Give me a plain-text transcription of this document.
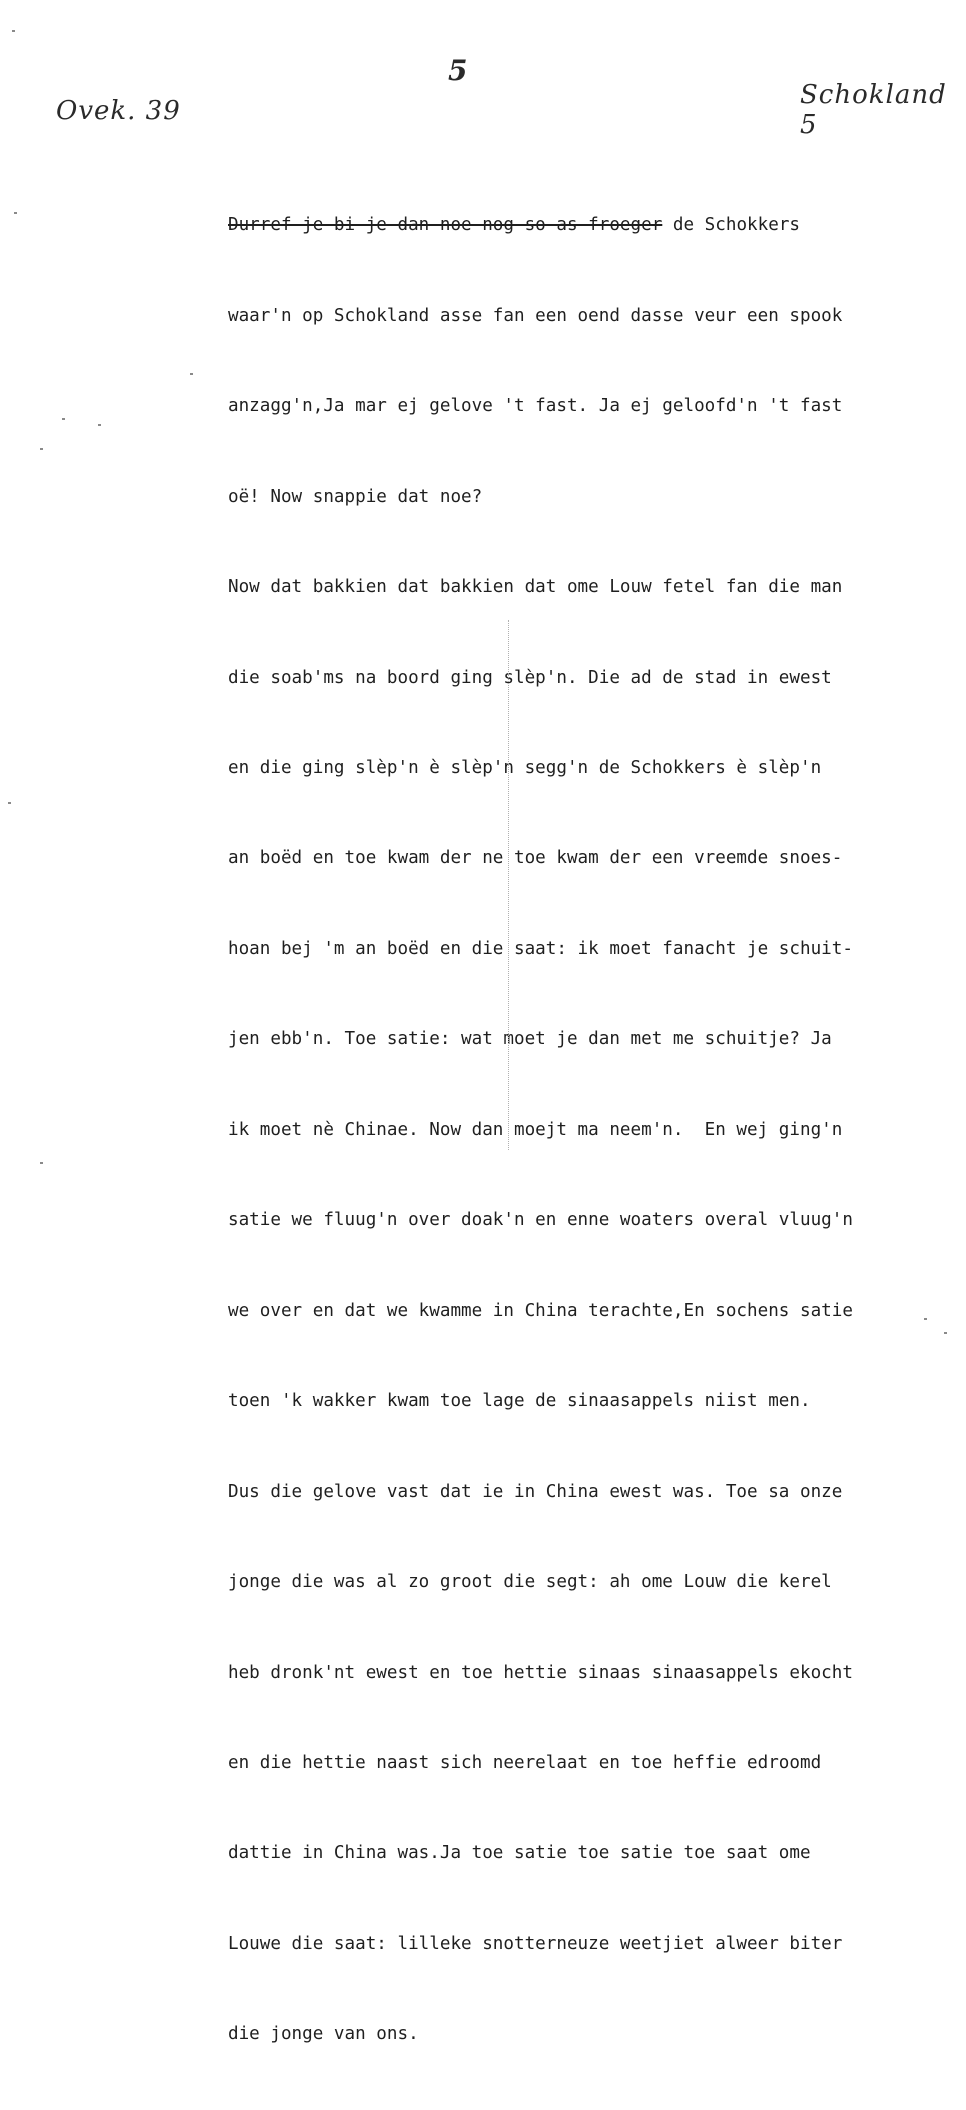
5
Ovek. 39
Schokland 5

Durref je bi je dan noe nog so as froeger de Schokkers

waar'n op Schokland asse fan een oend dasse veur een spook

anzagg'n,Ja mar ej gelove 't fast. Ja ej geloofd'n 't fast

oë! Now snappie dat noe?

Now dat bakkien dat bakkien dat ome Louw fetel fan die man

die soab'ms na boord ging slèp'n. Die ad de stad in ewest

en die ging slèp'n è slèp'n segg'n de Schokkers è slèp'n

an boëd en toe kwam der ne toe kwam der een vreemde snoes-

hoan bej 'm an boëd en die saat: ik moet fanacht je schuit-

jen ebb'n. Toe satie: wat moet je dan met me schuitje? Ja

ik moet nè Chinae. Now dan moejt ma neem'n.  En wej ging'n

satie we fluug'n over doak'n en enne woaters overal vluug'n

we over en dat we kwamme in China terachte,En sochens satie

toen 'k wakker kwam toe lage de sinaasappels niist men.

Dus die gelove vast dat ie in China ewest was. Toe sa onze

jonge die was al zo groot die segt: ah ome Louw die kerel

heb dronk'nt ewest en toe hettie sinaas sinaasappels ekocht

en die hettie naast sich neerelaat en toe heffie edroomd

dattie in China was.Ja toe satie toe satie toe saat ome

Louwe die saat: lilleke snotterneuze weetjiet alweer biter

die jonge van ons.
